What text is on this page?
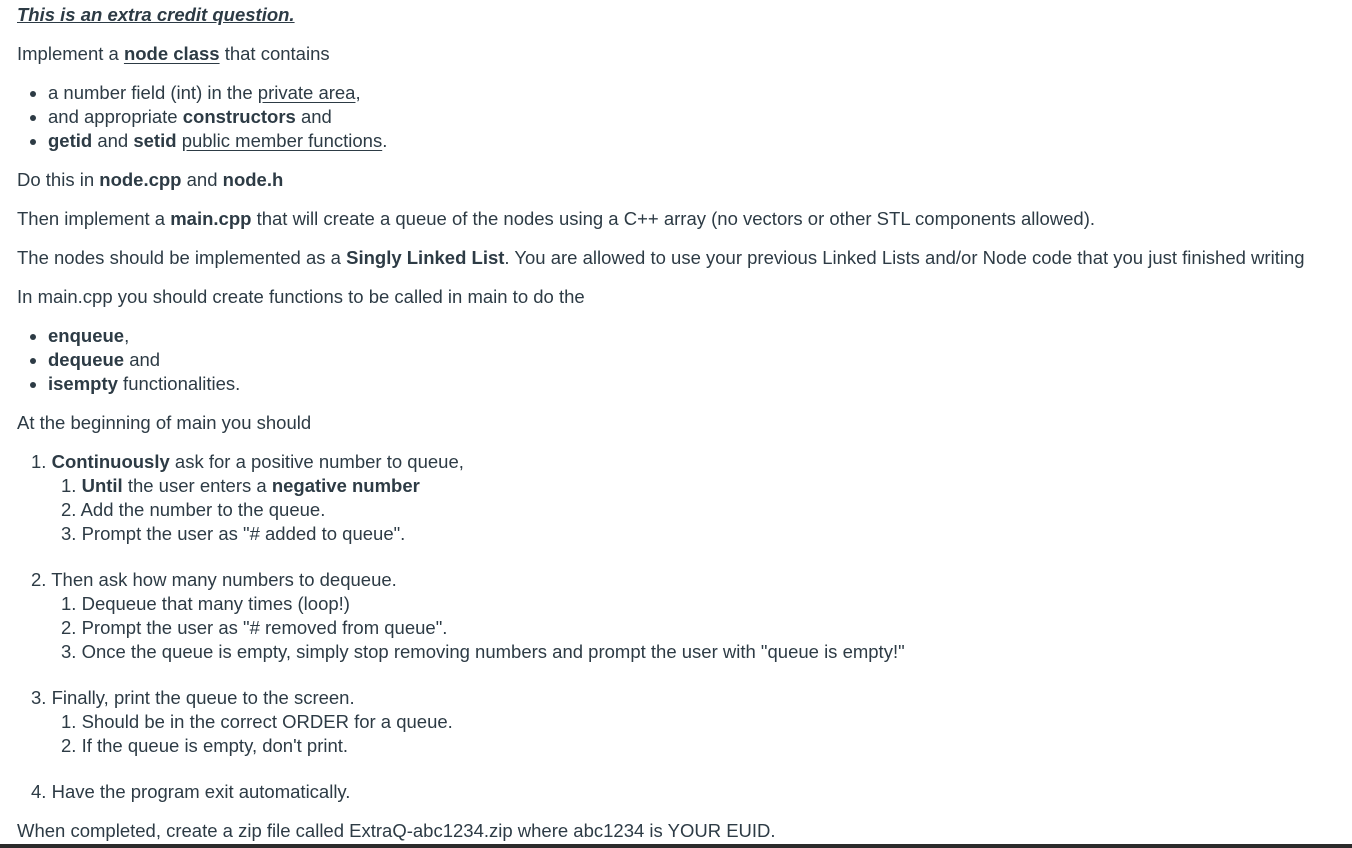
This is an extra credit question.
Implement a node class that contains
a number field (int) in the private area,
and appropriate constructors and
getid and setid public member functions.
Do this in node.cpp and node.h
Then implement a main.cpp that will create a queue of the nodes using a C++ array (no vectors or other STL components allowed).
The nodes should be implemented as a Singly Linked List. You are allowed to use your previous Linked Lists and/or Node code that you just finished writing
In main.cpp you should create functions to be called in main to do the
enqueue,
dequeue and
isempty functionalities.
At the beginning of main you should
1. Continuously ask for a positive number to queue,
1. Until the user enters a negative number
2. Add the number to the queue.
3. Prompt the user as "# added to queue".
2. Then ask how many numbers to dequeue.
1. Dequeue that many times (loop!)
2. Prompt the user as "# removed from queue".
3. Once the queue is empty, simply stop removing numbers and prompt the user with "queue is empty!"
3. Finally, print the queue to the screen.
1. Should be in the correct ORDER for a queue.
2. If the queue is empty, don't print.
4. Have the program exit automatically.
When completed, create a zip file called ExtraQ-abc1234.zip where abc1234 is YOUR EUID.
